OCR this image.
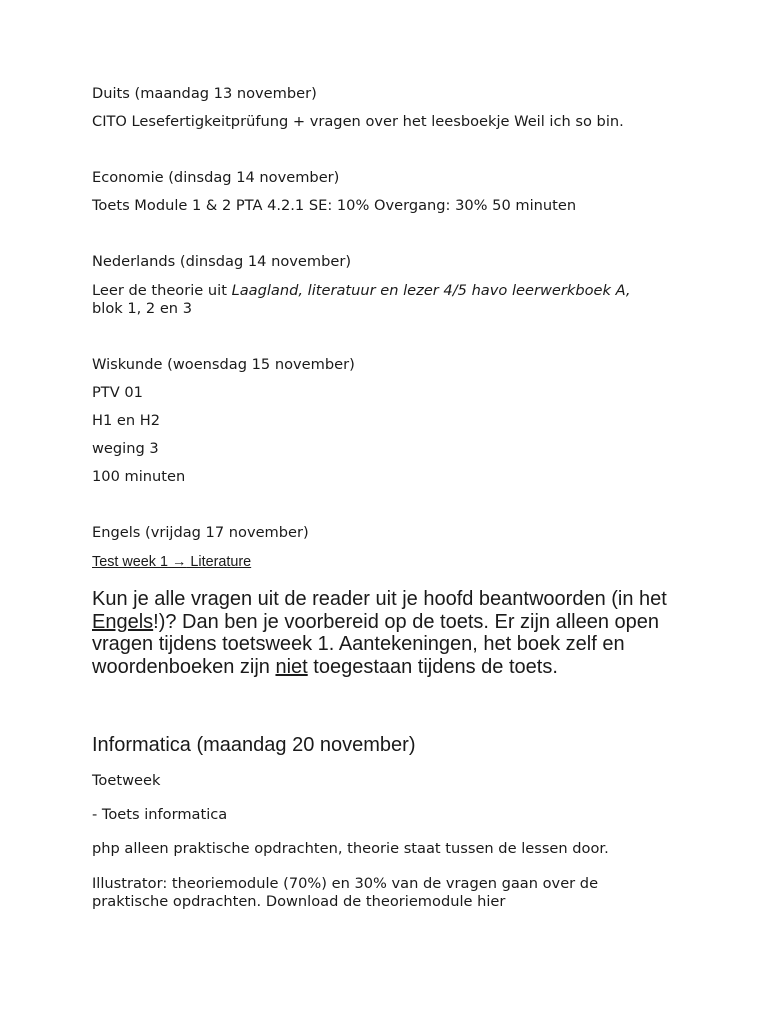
Duits (maandag 13 november)

CITO Lesefertigkeitprüfung + vragen over het leesboekje Weil ich so bin.

Economie (dinsdag 14 november)

Toets Module 1 & 2 PTA 4.2.1 SE: 10% Overgang: 30% 50 minuten

Nederlands (dinsdag 14 november)

Leer de theorie uit Laagland, literatuur en lezer 4/5 havo leerwerkboek A, blok 1, 2 en 3

Wiskunde (woensdag 15 november)

PTV 01

H1 en H2

weging 3

100 minuten

Engels (vrijdag 17 november)

Test week 1 → Literature

Kun je alle vragen uit de reader uit je hoofd beantwoorden (in het Engels!)? Dan ben je voorbereid op de toets. Er zijn alleen open vragen tijdens toetsweek 1. Aantekeningen, het boek zelf en woordenboeken zijn niet toegestaan tijdens de toets.

Informatica (maandag 20 november)

Toetweek

- Toets informatica

php alleen praktische opdrachten, theorie staat tussen de lessen door.

Illustrator: theoriemodule (70%) en 30% van de vragen gaan over de praktische opdrachten. Download de theoriemodule hier
